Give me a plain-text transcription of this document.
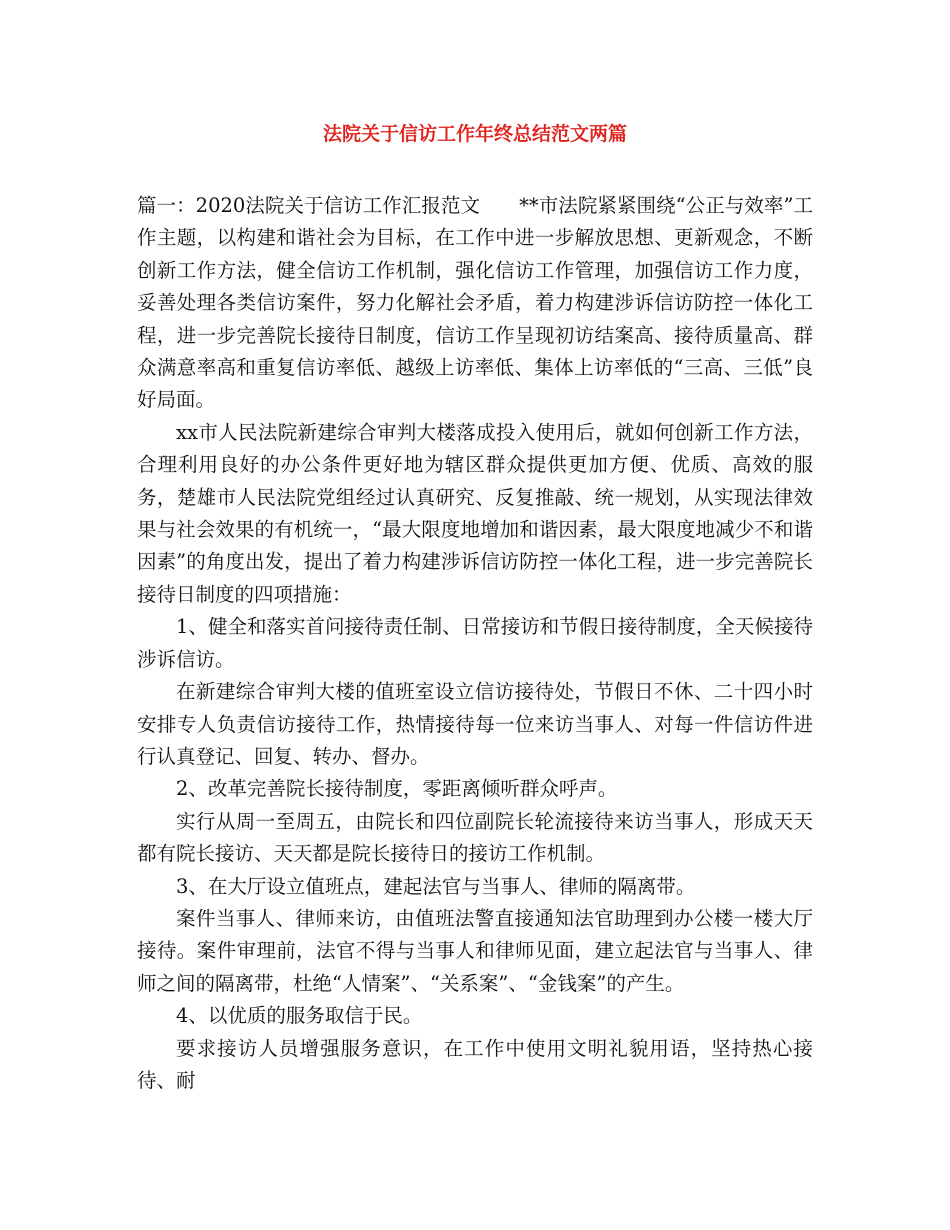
法院关于信访工作年终总结范文两篇

篇一：2020法院关于信访工作汇报范文　　**市法院紧紧围绕“公正与效率”工作主题，以构建和谐社会为目标，在工作中进一步解放思想、更新观念，不断创新工作方法，健全信访工作机制，强化信访工作管理，加强信访工作力度，妥善处理各类信访案件，努力化解社会矛盾，着力构建涉诉信访防控一体化工程，进一步完善院长接待日制度，信访工作呈现初访结案高、接待质量高、群众满意率高和重复信访率低、越级上访率低、集体上访率低的“三高、三低”良好局面。

xx市人民法院新建综合审判大楼落成投入使用后，就如何创新工作方法，合理利用良好的办公条件更好地为辖区群众提供更加方便、优质、高效的服务，楚雄市人民法院党组经过认真研究、反复推敲、统一规划，从实现法律效果与社会效果的有机统一，“最大限度地增加和谐因素，最大限度地减少不和谐因素”的角度出发，提出了着力构建涉诉信访防控一体化工程，进一步完善院长接待日制度的四项措施：

1、健全和落实首问接待责任制、日常接访和节假日接待制度，全天候接待涉诉信访。

在新建综合审判大楼的值班室设立信访接待处，节假日不休、二十四小时安排专人负责信访接待工作，热情接待每一位来访当事人、对每一件信访件进行认真登记、回复、转办、督办。

2、改革完善院长接待制度，零距离倾听群众呼声。

实行从周一至周五，由院长和四位副院长轮流接待来访当事人，形成天天都有院长接访、天天都是院长接待日的接访工作机制。

3、在大厅设立值班点，建起法官与当事人、律师的隔离带。

案件当事人、律师来访，由值班法警直接通知法官助理到办公楼一楼大厅接待。案件审理前，法官不得与当事人和律师见面，建立起法官与当事人、律师之间的隔离带，杜绝“人情案”、“关系案”、“金钱案”的产生。

4、以优质的服务取信于民。

要求接访人员增强服务意识，在工作中使用文明礼貌用语，坚持热心接待、耐
